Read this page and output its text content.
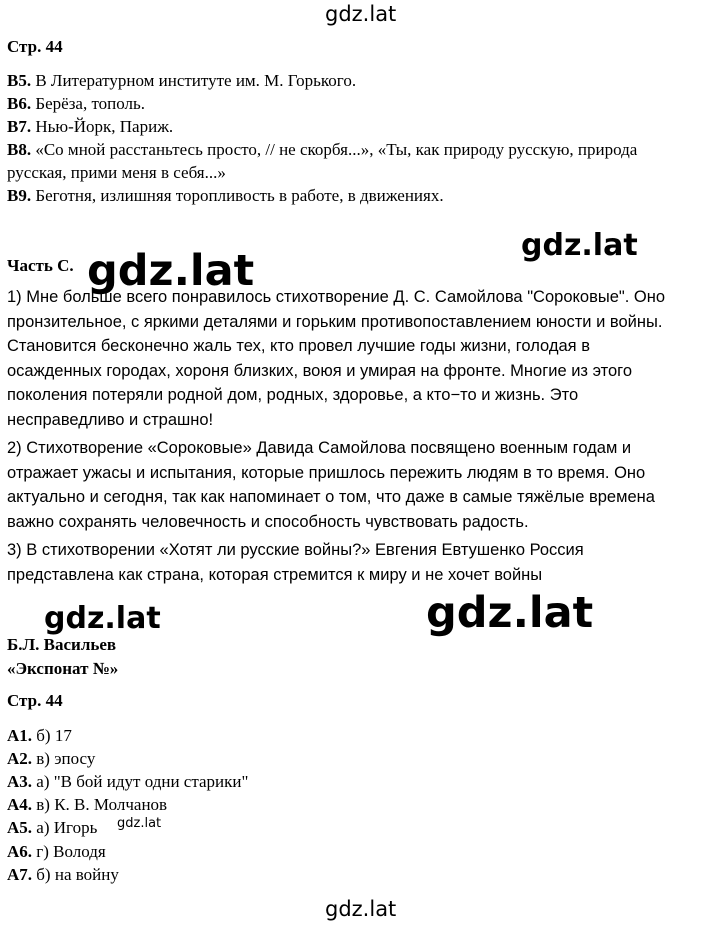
gdz.lat
gdz.lat
gdz.lat
gdz.lat	gdz.lat
gdz.lat
gdz.lat
Стр. 44
B5. В Литературном институте им. М. Горького.
B6. Берёза, тополь.
B7. Нью-Йорк, Париж.
B8. «Со мной расстаньтесь просто, // не скорбя...», «Ты, как природу русскую, природа
русская, прими меня в себя...»
B9. Беготня, излишняя торопливость в работе, в движениях.
Часть С.
1) Мне больше всего понравилось стихотворение Д. С. Самойлова "Сороковые". Оно
пронзительное, с яркими деталями и горьким противопоставлением юности и войны.
Становится бесконечно жаль тех, кто провел лучшие годы жизни, голодая в
осажденных городах, хороня близких, воюя и умирая на фронте. Многие из этого
поколения потеряли родной дом, родных, здоровье, а кто−то и жизнь. Это
несправедливо и страшно!
2) Стихотворение «Сороковые» Давида Самойлова посвящено военным годам и
отражает ужасы и испытания, которые пришлось пережить людям в то время. Оно
актуально и сегодня, так как напоминает о том, что даже в самые тяжёлые времена
важно сохранять человечность и способность чувствовать радость.
3) В стихотворении «Хотят ли русские войны?» Евгения Евтушенко Россия
представлена как страна, которая стремится к миру и не хочет войны
Б.Л. Васильев
«Экспонат №»
Стр. 44
A1. б) 17
A2. в) эпосу
A3. а) "В бой идут одни старики"
A4. в) К. В. Молчанов
A5. а) Игорь
A6. г) Володя
A7. б) на войну
